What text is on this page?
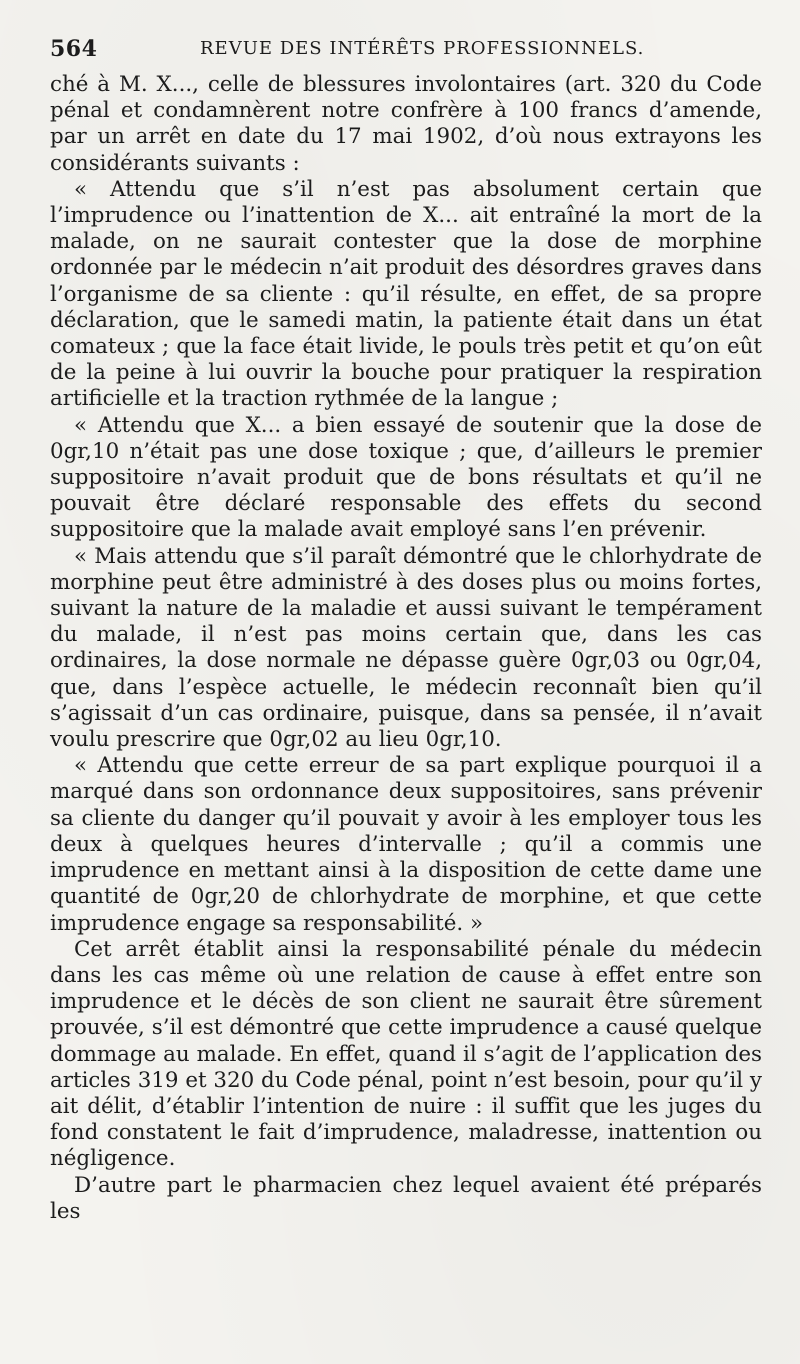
564	REVUE DES INTÉRÊTS PROFESSIONNELS.

ché à M. X..., celle de blessures involontaires (art. 320 du Code pénal et condamnèrent notre confrère à 100 francs d’amende, par un arrêt en date du 17 mai 1902, d’où nous extrayons les considérants suivants :

« Attendu que s’il n’est pas absolument certain que l’imprudence ou l’inattention de X... ait entraîné la mort de la malade, on ne saurait contester que la dose de morphine ordonnée par le médecin n’ait produit des désordres graves dans l’organisme de sa cliente : qu’il résulte, en effet, de sa propre déclaration, que le samedi matin, la patiente était dans un état comateux ; que la face était livide, le pouls très petit et qu’on eût de la peine à lui ouvrir la bouche pour pratiquer la respiration artificielle et la traction rythmée de la langue ;

« Attendu que X... a bien essayé de soutenir que la dose de 0gr,10 n’était pas une dose toxique ; que, d’ailleurs le premier suppositoire n’avait produit que de bons résultats et qu’il ne pouvait être déclaré responsable des effets du second suppositoire que la malade avait employé sans l’en prévenir.

« Mais attendu que s’il paraît démontré que le chlorhydrate de morphine peut être administré à des doses plus ou moins fortes, suivant la nature de la maladie et aussi suivant le tempérament du malade, il n’est pas moins certain que, dans les cas ordinaires, la dose normale ne dépasse guère 0gr,03 ou 0gr,04, que, dans l’espèce actuelle, le médecin reconnaît bien qu’il s’agissait d’un cas ordinaire, puisque, dans sa pensée, il n’avait voulu prescrire que 0gr,02 au lieu 0gr,10.

« Attendu que cette erreur de sa part explique pourquoi il a marqué dans son ordonnance deux suppositoires, sans prévenir sa cliente du danger qu’il pouvait y avoir à les employer tous les deux à quelques heures d’intervalle ; qu’il a commis une imprudence en mettant ainsi à la disposition de cette dame une quantité de 0gr,20 de chlorhydrate de morphine, et que cette imprudence engage sa responsabilité. »

Cet arrêt établit ainsi la responsabilité pénale du médecin dans les cas même où une relation de cause à effet entre son imprudence et le décès de son client ne saurait être sûrement prouvée, s’il est démontré que cette imprudence a causé quelque dommage au malade. En effet, quand il s’agit de l’application des articles 319 et 320 du Code pénal, point n’est besoin, pour qu’il y ait délit, d’établir l’intention de nuire : il suffit que les juges du fond constatent le fait d’imprudence, maladresse, inattention ou négligence.

D’autre part le pharmacien chez lequel avaient été préparés les
